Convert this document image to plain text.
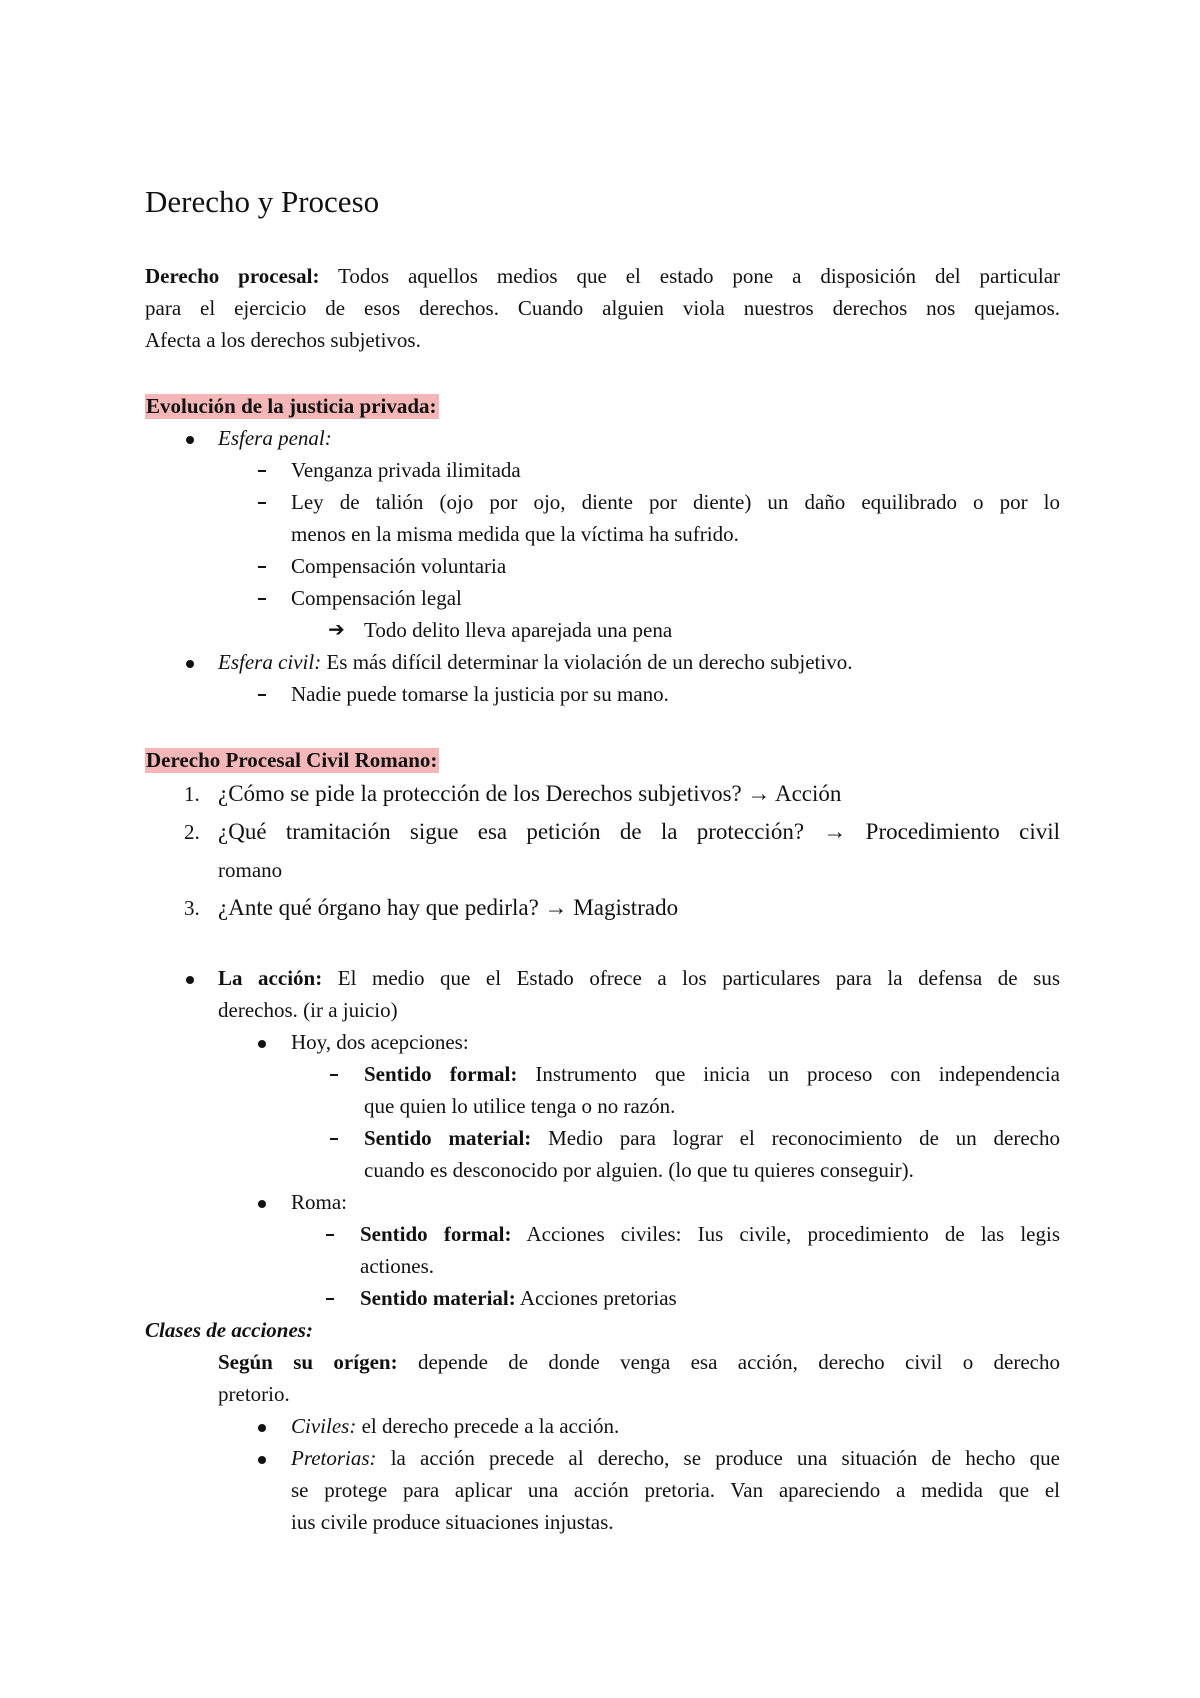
Derecho y Proceso
Derecho procesal: Todos aquellos medios que el estado pone a disposición del particular
para el ejercicio de esos derechos. Cuando alguien viola nuestros derechos nos quejamos.
Afecta a los derechos subjetivos.
Evolución de la justicia privada:
Esfera penal:
Venganza privada ilimitada
Ley de talión (ojo por ojo, diente por diente) un daño equilibrado o por lo
menos en la misma medida que la víctima ha sufrido.
Compensación voluntaria
Compensación legal
➔ Todo delito lleva aparejada una pena
Esfera civil: Es más difícil determinar la violación de un derecho subjetivo.
Nadie puede tomarse la justicia por su mano.
Derecho Procesal Civil Romano:
1. ¿Cómo se pide la protección de los Derechos subjetivos? → Acción
2. ¿Qué tramitación sigue esa petición de la protección? → Procedimiento civil
romano
3. ¿Ante qué órgano hay que pedirla? → Magistrado
La acción: El medio que el Estado ofrece a los particulares para la defensa de sus
derechos. (ir a juicio)
Hoy, dos acepciones:
Sentido formal: Instrumento que inicia un proceso con independencia
que quien lo utilice tenga o no razón.
Sentido material: Medio para lograr el reconocimiento de un derecho
cuando es desconocido por alguien. (lo que tu quieres conseguir).
Roma:
Sentido formal: Acciones civiles: Ius civile, procedimiento de las legis
actiones.
Sentido material: Acciones pretorias
Clases de acciones:
Según su orígen: depende de donde venga esa acción, derecho civil o derecho
pretorio.
Civiles: el derecho precede a la acción.
Pretorias: la acción precede al derecho, se produce una situación de hecho que
se protege para aplicar una acción pretoria. Van apareciendo a medida que el
ius civile produce situaciones injustas.
